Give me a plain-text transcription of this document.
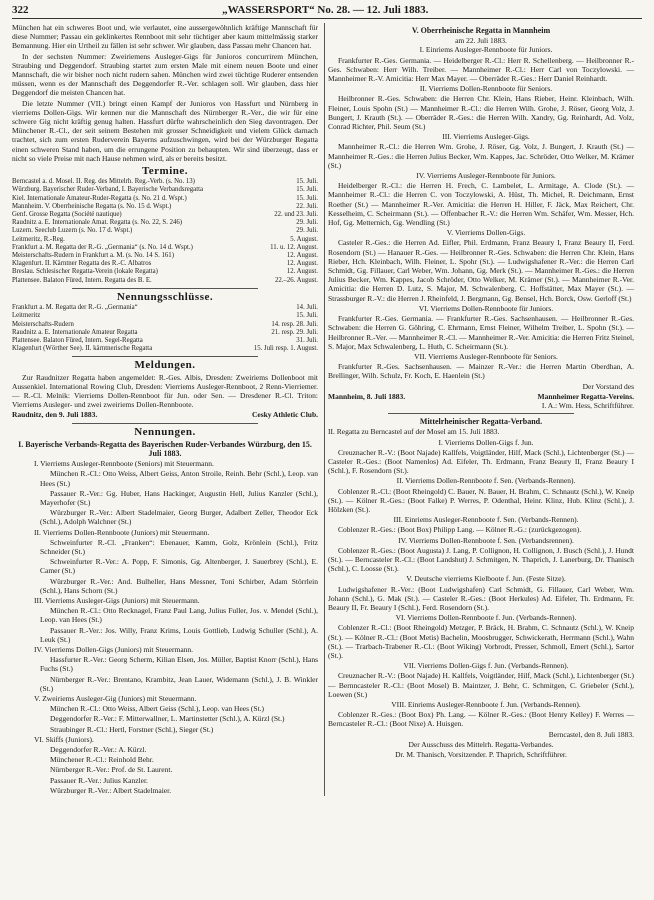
322	„WASSERSPORT“ No. 28. — 12. Juli 1883.

München hat ein schweres Boot und, wie verlautet, eine aussergewöhnlich kräftige Mannschaft für diese Nummer; Passau ein geklinkertes Rennboot mit sehr tüchtiger aber kaum mittelmässig starker Bemannung. Hier ein Urtheil zu fällen ist sehr schwer. Wir glauben, dass Passau mehr Chancen hat.

In der sechsten Nummer: Zweiriemens Ausleger-Gigs für Junioros concurrirem München, Straubing und Deggendorf. Straubing startet zum ersten Male mit einem neuen Boote und einer Mannschaft, die wir bisher noch nicht rudern sahen. München wird zwei tüchtige Ruderer entsenden müssen, wenn es der Mannschaft des Deggendorfer R.-Ver. schlagen soll. Wir glauben, dass hier Deggendorf die meisten Chancen hat.

Die letzte Nummer (VII.) bringt einen Kampf der Junioros von Hassfurt und Nürnberg in vierriems Dollen-Gigs. Wir kennen nur die Mannschaft des Nürnberger R.-Ver., die wir für eine schwere Gig nicht kräftig genug halten. Hassfurt dürfte wahrscheinlich den Sieg davontragen. Der Münchener R.-Cl., der seit seinem Bestehen mit grosser Schneidigkeit und vielem Glück darnach trachtet, sich zum ersten Ruderverein Bayerns aufzuschwingen, wird bei der Würzburger Regatta einen schweren Stand haben, um die errungene Position zu behaupten. Wir sind überzeugt, dass er nicht so viele Preise mit nach Hause nehmen wird, als er bereits besitzt.

Termine.
Berncastel a. d. Mosel. II. Reg. des Mittelrh. Reg.-Verb. (s. No. 13)	15. Juli.
Würzburg. Bayerischer Ruder-Verband, I. Bayerische Verbandsregatta	15. Juli.
Kiel. Internationale Amateur-Ruder-Regatta (s. No. 21 d. Wspt.)	15. Juli.
Mannheim. V. Oberrheinische Regatta (s. No. 15 d. Wspt.)	22. Juli.
Genf. Grosse Regatta (Société nautique)	22. und 23. Juli.
Raudnitz a. E. Internationale Amat. Regatta (s. No. 22, S. 246)	29. Juli.
Luzern. Seeclub Luzern (s. No. 17 d. Wspt.)	29. Juli.
Leitmeritz, R.-Reg.	5. August.
Frankfurt a. M. Regatta der R.-G. „Germania“ (s. No. 14 d. Wspt.)	11. u. 12. August.
Meisterschafts-Rudern in Frankfurt a. M. (s. No. 14 S. 161)	12. August.
Klagenfurt. II. Kärntner Regatta des R.-C. Albatros	12. August.
Breslau. Schlesischer Regatta-Verein (lokale Regatta)	12. August.
Plattensee. Balaton Füred, Intern. Regatta des B. E.	22.–26. August.
Nennungsschlüsse.
Frankfurt a. M. Regatta der R.-G. „Germania“	14. Juli.
Leitmeritz	15. Juli.
Meisterschafts-Rudern	14. resp. 28. Juli.
Raudnitz a. E. Internationale Amateur Regatta	21. resp. 29. Juli.
Plattensee. Balaton Füred, Intern. Segel-Regatta	31. Juli.
Klagenfurt (Wörther See). II. kärntnerische Regatta	15. Juli resp. 1. August.
Meldungen.

Zur Raudnitzer Regatta haben angemeldet: R.-Ges. Albis, Dresden: Zweiriems Dollenboot mit Aussenkiel. International Rowing Club, Dresden: Vierriems Ausleger-Rennboot, 2 Renn-Vierriemer. — R.-Cl. Melnik: Vierriems Dollen-Rennboot für Jun. oder Sen. — Dresdener R.-Cl. Triton: Vierriems Ausleger- und zwei zweiriems Dollen-Rennboote.

Raudnitz, den 9. Juli 1883.	Cesky Athletic Club.
Nennungen.
I. Bayerische Verbands-Regatta des Bayerischen Ruder-Verbandes Würzburg, den 15. Juli 1883.

I. Vierriems Ausleger-Rennboote (Seniors) mit Steuermann.

München R.-Cl.: Otto Weiss, Albert Geiss, Anton Stroile, Reinh. Behr (Schl.), Leop. van Hees (St.)

Passauer R.-Ver.: Gg. Huber, Hans Hackinger, Augustin Hell, Julius Kanzler (Schl.), Mayerhofer (St.)

Würzburger R.-Ver.: Albert Stadelmaier, Georg Burger, Adalbert Zeller, Theodor Eck (Schl.), Adolph Walchner (St.)

II. Vierriems Dollen-Rennboote (Juniors) mit Steuermann.

Schweinfurter R.-Cl. „Franken“: Ebenauer, Kamm, Golz, Krönlein (Schl.), Fritz Schneider (St.)

Schweinfurter R.-Ver.: A. Popp, F. Simonis, Gg. Altenberger, J. Sauerbrey (Schl.), E. Camer (St.)

Würzburger R.-Ver.: And. Bulheller, Hans Messner, Toni Schirber, Adam Störrlein (Schl.), Hans Schorn (St.)

III. Vierriems Ausleger-Gigs (Juniors) mit Steuermann.

München R.-Cl.: Otto Recknagel, Franz Paul Lang, Julius Fuller, Jos. v. Mendel (Schl.), Leop. van Hees (St.)

Passauer R.-Ver.: Jos. Willy, Franz Krims, Louis Gottlieb, Ludwig Schuller (Schl.), A. Leuk (St.)

IV. Vierriems Dollen-Gigs (Juniors) mit Steuermann.

Hassfurter R.-Ver.: Georg Scherm, Kilian Elsen, Jos. Müller, Baptist Knorr (Schl.), Hans Fuchs (St.)

Nürnberger R.-Ver.: Brentano, Krambitz, Jean Lauer, Widemann (Schl.), J. B. Winkler (St.)

V. Zweiriems Ausleger-Gig (Juniors) mit Steuermann.

München R.-Cl.: Otto Weiss, Albert Geiss (Schl.), Leop. van Hees (St.)

Deggendorfer R.-Ver.: F. Mitterwallner, L. Martinstetter (Schl.), A. Kürzl (St.)

Straubinger R.-Cl.: Hertl, Forstner (Schl.), Sieger (St.)

VI. Skiffs (Juniors).

Deggendorfer R.-Ver.: A. Kürzl.

Münchener R.-Cl.: Reinhold Behr.

Nürnberger R.-Ver.: Prof. de St. Laurent.

Passauer R.-Ver.: Julius Kanzler.

Würzburger R.-Ver.: Albert Stadelmaier.

V. Oberrheinische Regatta in Mannheim
am 22. Juli 1883.

I. Einriems Ausleger-Rennboote für Juniors.

Frankfurter R.-Ges. Germania. — Heidelberger R.-Cl.: Herr R. Schellenberg. — Heilbronner R.-Ges. Schwaben: Herr Wilh. Treiber. — Mannheimer R.-Cl.: Herr Carl von Toczylowski. — Mannheimer R.-V. Amicitia: Herr Max Mayer. — Oberräder R.-Ges.: Herr Daniel Reinhardt.

II. Vierriems Dollen-Rennboote für Seniors.

Heilbronner R.-Ges. Schwaben: die Herren Chr. Klein, Hans Rieber, Heinr. Kleinbach, Wilh. Fleiner, Louis Spohn (St.) — Mannheimer R.-Cl.: die Herren Wilh. Grohe, J. Röser, Georg Volz, J. Bungert, J. Krauth (St.). — Oberräder R.-Ges.: die Herren Wilh. Xandry, Gg. Reinhardt, Ad. Volz, Conrad Richter, Phil. Seum (St.)

III. Vierriems Ausleger-Gigs.

Mannheimer R.-Cl.: die Herren Wm. Grohe, J. Röser, Gg. Volz, J. Bungert, J. Krauth (St.) — Mannheimer R.-Ges.: die Herren Julius Becker, Wm. Kappes, Jac. Schröder, Otto Welker, M. Krämer (St.)

IV. Vierriems Ausleger-Rennboote für Juniors.

Heidelberger R.-Cl.: die Herren H. Frech, C. Lambelet, L. Armitage, A. Clode (St.). — Mannheimer R.-Cl.: die Herren C. von Toczylowski, A. Hüst, Th. Michel, R. Deichmann, Ernst Roether (St.) — Mannheimer R.-Ver. Amicitia: die Herren H. Hiller, F. Jäck, Max Reichert, Chr. Kesselheim, C. Scheirmann (St.). — Offenbacher R.-V.: die Herren Wm. Schäfer, Wm. Messer, Hch. Hof, Gg. Metternich, Gg. Wendling (St.)

V. Vierriems Dollen-Gigs.

Casteler R.-Ges.: die Herren Ad. Eifler, Phil. Erdmann, Franz Beaury I, Franz Beaury II, Ferd. Rosendorn (St.) — Hanauer R.-Ges. — Heilbronner R.-Ges. Schwaben: die Herren Chr. Klein, Hans Rieber, Hch. Kleinbach, Wilh. Fleiner, L. Spohr (St.). — Ludwigshafener R.-Ver.: die Herren Carl Schmidt, Gg. Fillauer, Carl Weber, Wm. Johann, Gg. Merk (St.). — Mannheimer R.-Ges.: die Herren Julius Becker, Wm. Kappes, Jacob Schröder, Otto Welker, M. Krämer (St.). — Mannheimer R.-Ver. Amicitia: die Herren D. Lutz, S. Major, M. Schwalenberg, C. Hoffstätter, Max Mayer (St.). — Strassburger R.-V.: die Herren J. Rheinfeld, J. Bergmann, Gg. Bensel, Hch. Borck, Osw. Gerloff (St.)

VI. Vierriems Dollen-Rennboote für Juniors.

Frankfurter R.-Ges. Germania. — Frankfurter R.-Ges. Sachsenhausen. — Heilbronner R.-Ges. Schwaben: die Herren G. Göhring, C. Ehrmann, Ernst Fleiner, Wilhelm Treiber, L. Spohn (St.). — Heilbronner R.-Ver. — Mannheimer R.-Cl. — Mannheimer R.-Ver. Amicitia: die Herren Fritz Steinel, S. Major, Max Schwalenberg, L. Huth, C. Scheirmann (St.).

VII. Vierriems Ausleger-Rennboote für Seniors.

Frankfurter R.-Ges. Sachsenhausen. — Mainzer R.-Ver.: die Herren Martin Oberdhan, A. Brellinger, Wilh. Schulz, Fr. Koch, E. Haenlein (St.)

Der Vorstand des
Mannheim, 8. Juli 1883.	Mannheimer Regatta-Vereins.
I. A.: Wm. Hess, Schriftführer.
Mittelrheinischer Regatta-Verband.

II. Regatta zu Berncastel auf der Mosel am 15. Juli 1883.

I. Vierriems Dollen-Gigs f. Jun.

Creuznacher R.-V.: (Boot Najade) Kallfels, Voigtländer, Hilf, Mack (Schl.), Lichtenberger (St.) — Casteler R.-Ges.: (Boot Namenlos) Ad. Eifeler, Th. Erdmann, Franz Beaury II, Franz Beaury I (Schl.), F. Rosendorn (St.).

II. Vierriems Dollen-Rennboote f. Sen. (Verbands-Rennen).

Coblenzer R.-Cl.: (Boot Rheingold) C. Bauer, N. Bauer, H. Brahm, C. Schnautz (Schl.), W. Kneip (St.). — Kölner R.-Ges.: (Boot Falke) P. Werres, P. Odenthal, Heinr. Klinz, Hub. Klinz (Schl.), J. Hölzken (St.).

III. Einriems Ausleger-Rennboote f. Sen. (Verbands-Rennen).

Coblenzer R.-Ges.: (Boot Box) Philipp Lang. — Kölner R.-G.: (zurückgezogen).

IV. Vierriems Dollen-Rennboote f. Sen. (Verbandsrennen).

Coblenzer R.-Ges.: (Boot Augusta) J. Lang, P. Collignon, H. Collignon, J. Busch (Schl.), J. Hundt (St.). — Berncasteler R.-Cl.: (Boot Landshut) J. Schmitgen, N. Thaprich, J. Lanerburg, Dr. Thanisch (Schl.), C. Loosse (St.).

V. Deutsche vierriems Kielboote f. Jun. (Feste Sitze).

Ludwigshafener R.-Ver.: (Boot Ludwigshafen) Carl Schmidt, G. Fillauer, Carl Weber, Wm. Johann (Schl.), G. Mak (St.). — Casteler R.-Ges.: (Boot Herkules) Ad. Eifeler, Th. Erdmann, Fr. Beaury II, Fr. Beaury I (Schl.), Ferd. Rosendorn (St.).

VI. Vierriems Dollen-Rennboote f. Jun. (Verbands-Rennen).

Coblenzer R.-Cl.: (Boot Rheingold) Metzger, P. Bräck, H. Brahm, C. Schnautz (Schl.), W. Kneip (St.). — Kölner R.-Cl.: (Boot Metis) Bachelin, Moosbrugger, Schwickerath, Herrmann (Schl.), Wahn (St.). — Trarbach-Trabener R.-Cl.: (Boot Wiking) Vorbrodt, Presser, Schmoll, Emert (Schl.), Sartor (St.).

VII. Vierriems Dollen-Gigs f. Jun. (Verbands-Rennen).

Creuznacher R.-V.: (Boot Najade) H. Kallfels, Voigtländer, Hilf, Mack (Schl.), Lichtenberger (St.) — Bernncasteler R.-Cl.: (Boot Mosel) B. Maintzer, J. Behr, C. Schmitgen, C. Griebeler (Schl.), Loewen (St.)

VIII. Einriems Ausleger-Rennboote f. Jun. (Verbands-Rennen).

Coblenzer R.-Ges.: (Boot Box) Ph. Lang. — Kölner R.-Ges.: (Boot Henry Kelley) F. Werres — Berncasteler R.-Cl.: (Boot Nixe) A. Huisgen.

Berncastel, den 8. Juli 1883.
Der Ausschuss des Mittelrh. Regatta-Verbandes.
Dr. M. Thanisch, Vorsitzender. P. Thaprich, Schriftführer.
